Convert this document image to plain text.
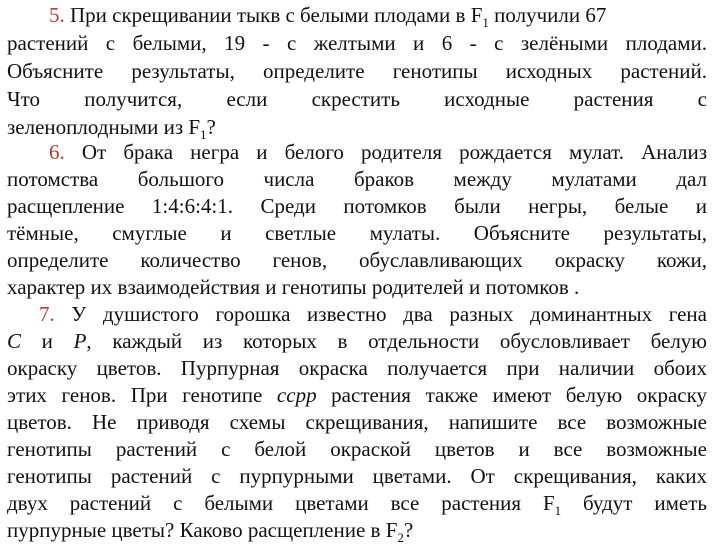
5. При скрещивании тыкв с белыми плодами в $F_1$ получили 67
растений с белыми, 19 - с желтыми и 6 - с зелёными плодами.
Объясните результаты, определите генотипы исходных растений.
Что получится, если скрестить исходные растения с
зеленоплодными из $F_1$?
6. От брака негра и белого родителя рождается мулат. Анализ
потомства большого числа браков между мулатами дал
расщепление 1:4:6:4:1. Среди потомков были негры, белые и
тёмные, смуглые и светлые мулаты. Объясните результаты,
определите количество генов, обуславливающих окраску кожи,
характер их взаимодействия и генотипы родителей и потомков .
7. У душистого горошка известно два разных доминантных гена
C и P, каждый из которых в отдельности обусловливает белую
окраску цветов. Пурпурная окраска получается при наличии обоих
этих генов. При генотипе ccpp растения также имеют белую окраску
цветов. Не приводя схемы скрещивания, напишите все возможные
генотипы растений с белой окраской цветов и все возможные
генотипы растений с пурпурными цветами. От скрещивания, каких
двух растений с белыми цветами все растения $F_1$ будут иметь
пурпурные цветы? Каково расщепление в $F_2$?
